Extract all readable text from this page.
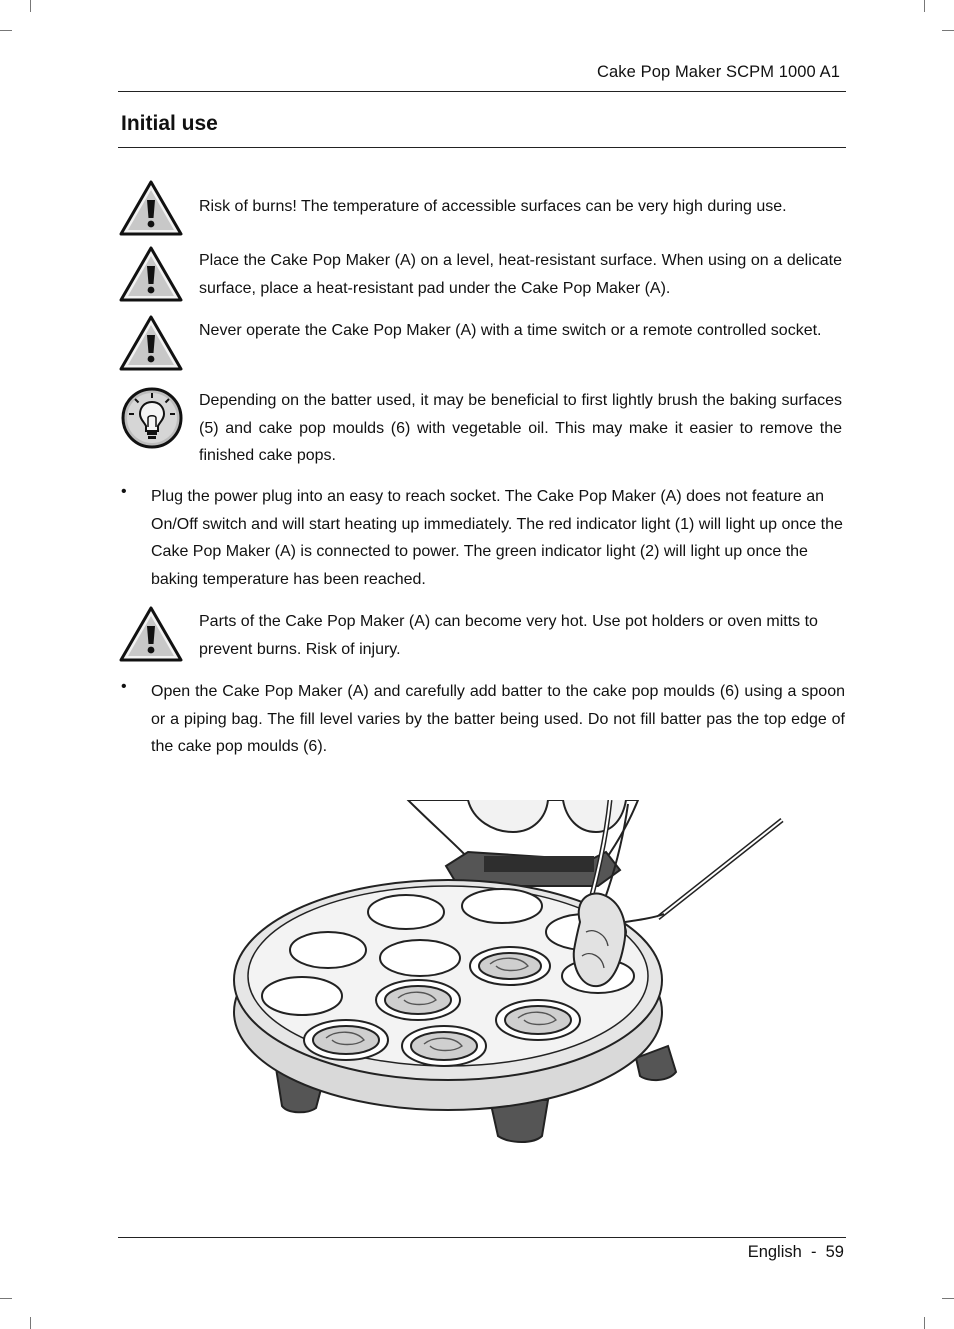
Cake Pop Maker SCPM 1000 A1
Initial use
Risk of burns! The temperature of accessible surfaces can be very high during use.
Place the Cake Pop Maker (A) on a level, heat-resistant surface. When using on a delicate surface, place a heat-resistant pad under the Cake Pop Maker (A).
Never operate the Cake Pop Maker (A) with a time switch or a remote controlled socket.
Depending on the batter used, it may be beneficial to first lightly brush the baking surfaces (5) and cake pop moulds (6) with vegetable oil. This may make it easier to remove the finished cake pops.
• Plug the power plug into an easy to reach socket. The Cake Pop Maker (A) does not feature an On/Off switch and will start heating up immediately. The red indicator light (1) will light up once the Cake Pop Maker (A) is connected to power. The green indicator light (2) will light up once the baking temperature has been reached.
Parts of the Cake Pop Maker (A) can become very hot. Use pot holders or oven mitts to prevent burns. Risk of injury.
• Open the Cake Pop Maker (A) and carefully add batter to the cake pop moulds (6) using a spoon or a piping bag. The fill level varies by the batter being used. Do not fill batter pas the top edge of the cake pop moulds (6).
English  -  59
